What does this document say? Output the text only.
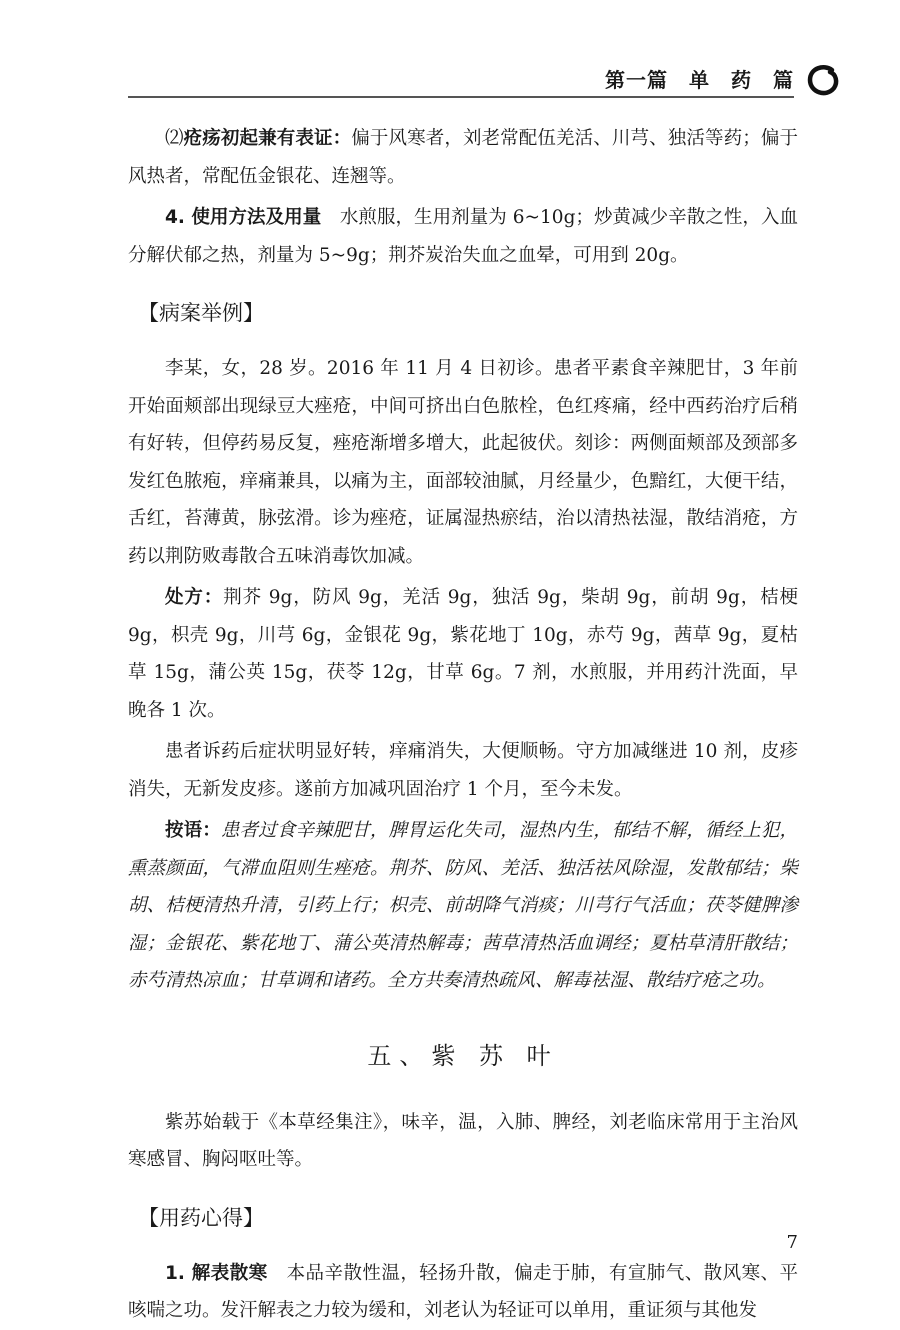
第一篇　单　药　篇

⑵疮疡初起兼有表证：偏于风寒者，刘老常配伍羌活、川芎、独活等药；偏于风热者，常配伍金银花、连翘等。

4. 使用方法及用量　水煎服，生用剂量为 6~10g；炒黄减少辛散之性，入血分解伏郁之热，剂量为 5~9g；荆芥炭治失血之血晕，可用到 20g。

【病案举例】

李某，女，28 岁。2016 年 11 月 4 日初诊。患者平素食辛辣肥甘，3 年前开始面颊部出现绿豆大痤疮，中间可挤出白色脓栓，色红疼痛，经中西药治疗后稍有好转，但停药易反复，痤疮渐增多增大，此起彼伏。刻诊：两侧面颊部及颈部多发红色脓疱，痒痛兼具，以痛为主，面部较油腻，月经量少，色黯红，大便干结，舌红，苔薄黄，脉弦滑。诊为痤疮，证属湿热瘀结，治以清热祛湿，散结消疮，方药以荆防败毒散合五味消毒饮加减。

处方：荆芥 9g，防风 9g，羌活 9g，独活 9g，柴胡 9g，前胡 9g，桔梗 9g，枳壳 9g，川芎 6g，金银花 9g，紫花地丁 10g，赤芍 9g，茜草 9g，夏枯草 15g，蒲公英 15g，茯苓 12g，甘草 6g。7 剂，水煎服，并用药汁洗面，早晚各 1 次。

患者诉药后症状明显好转，痒痛消失，大便顺畅。守方加减继进 10 剂，皮疹消失，无新发皮疹。遂前方加减巩固治疗 1 个月，至今未发。

按语：患者过食辛辣肥甘，脾胃运化失司，湿热内生，郁结不解，循经上犯，熏蒸颜面，气滞血阻则生痤疮。荆芥、防风、羌活、独活祛风除湿，发散郁结；柴胡、桔梗清热升清，引药上行；枳壳、前胡降气消痰；川芎行气活血；茯苓健脾渗湿；金银花、紫花地丁、蒲公英清热解毒；茜草清热活血调经；夏枯草清肝散结；赤芍清热凉血；甘草调和诸药。全方共奏清热疏风、解毒祛湿、散结疗疮之功。

五、紫 苏 叶

紫苏始载于《本草经集注》，味辛，温，入肺、脾经，刘老临床常用于主治风寒感冒、胸闷呕吐等。

【用药心得】

1. 解表散寒　本品辛散性温，轻扬升散，偏走于肺，有宣肺气、散风寒、平咳喘之功。发汗解表之力较为缓和，刘老认为轻证可以单用，重证须与其他发

7
